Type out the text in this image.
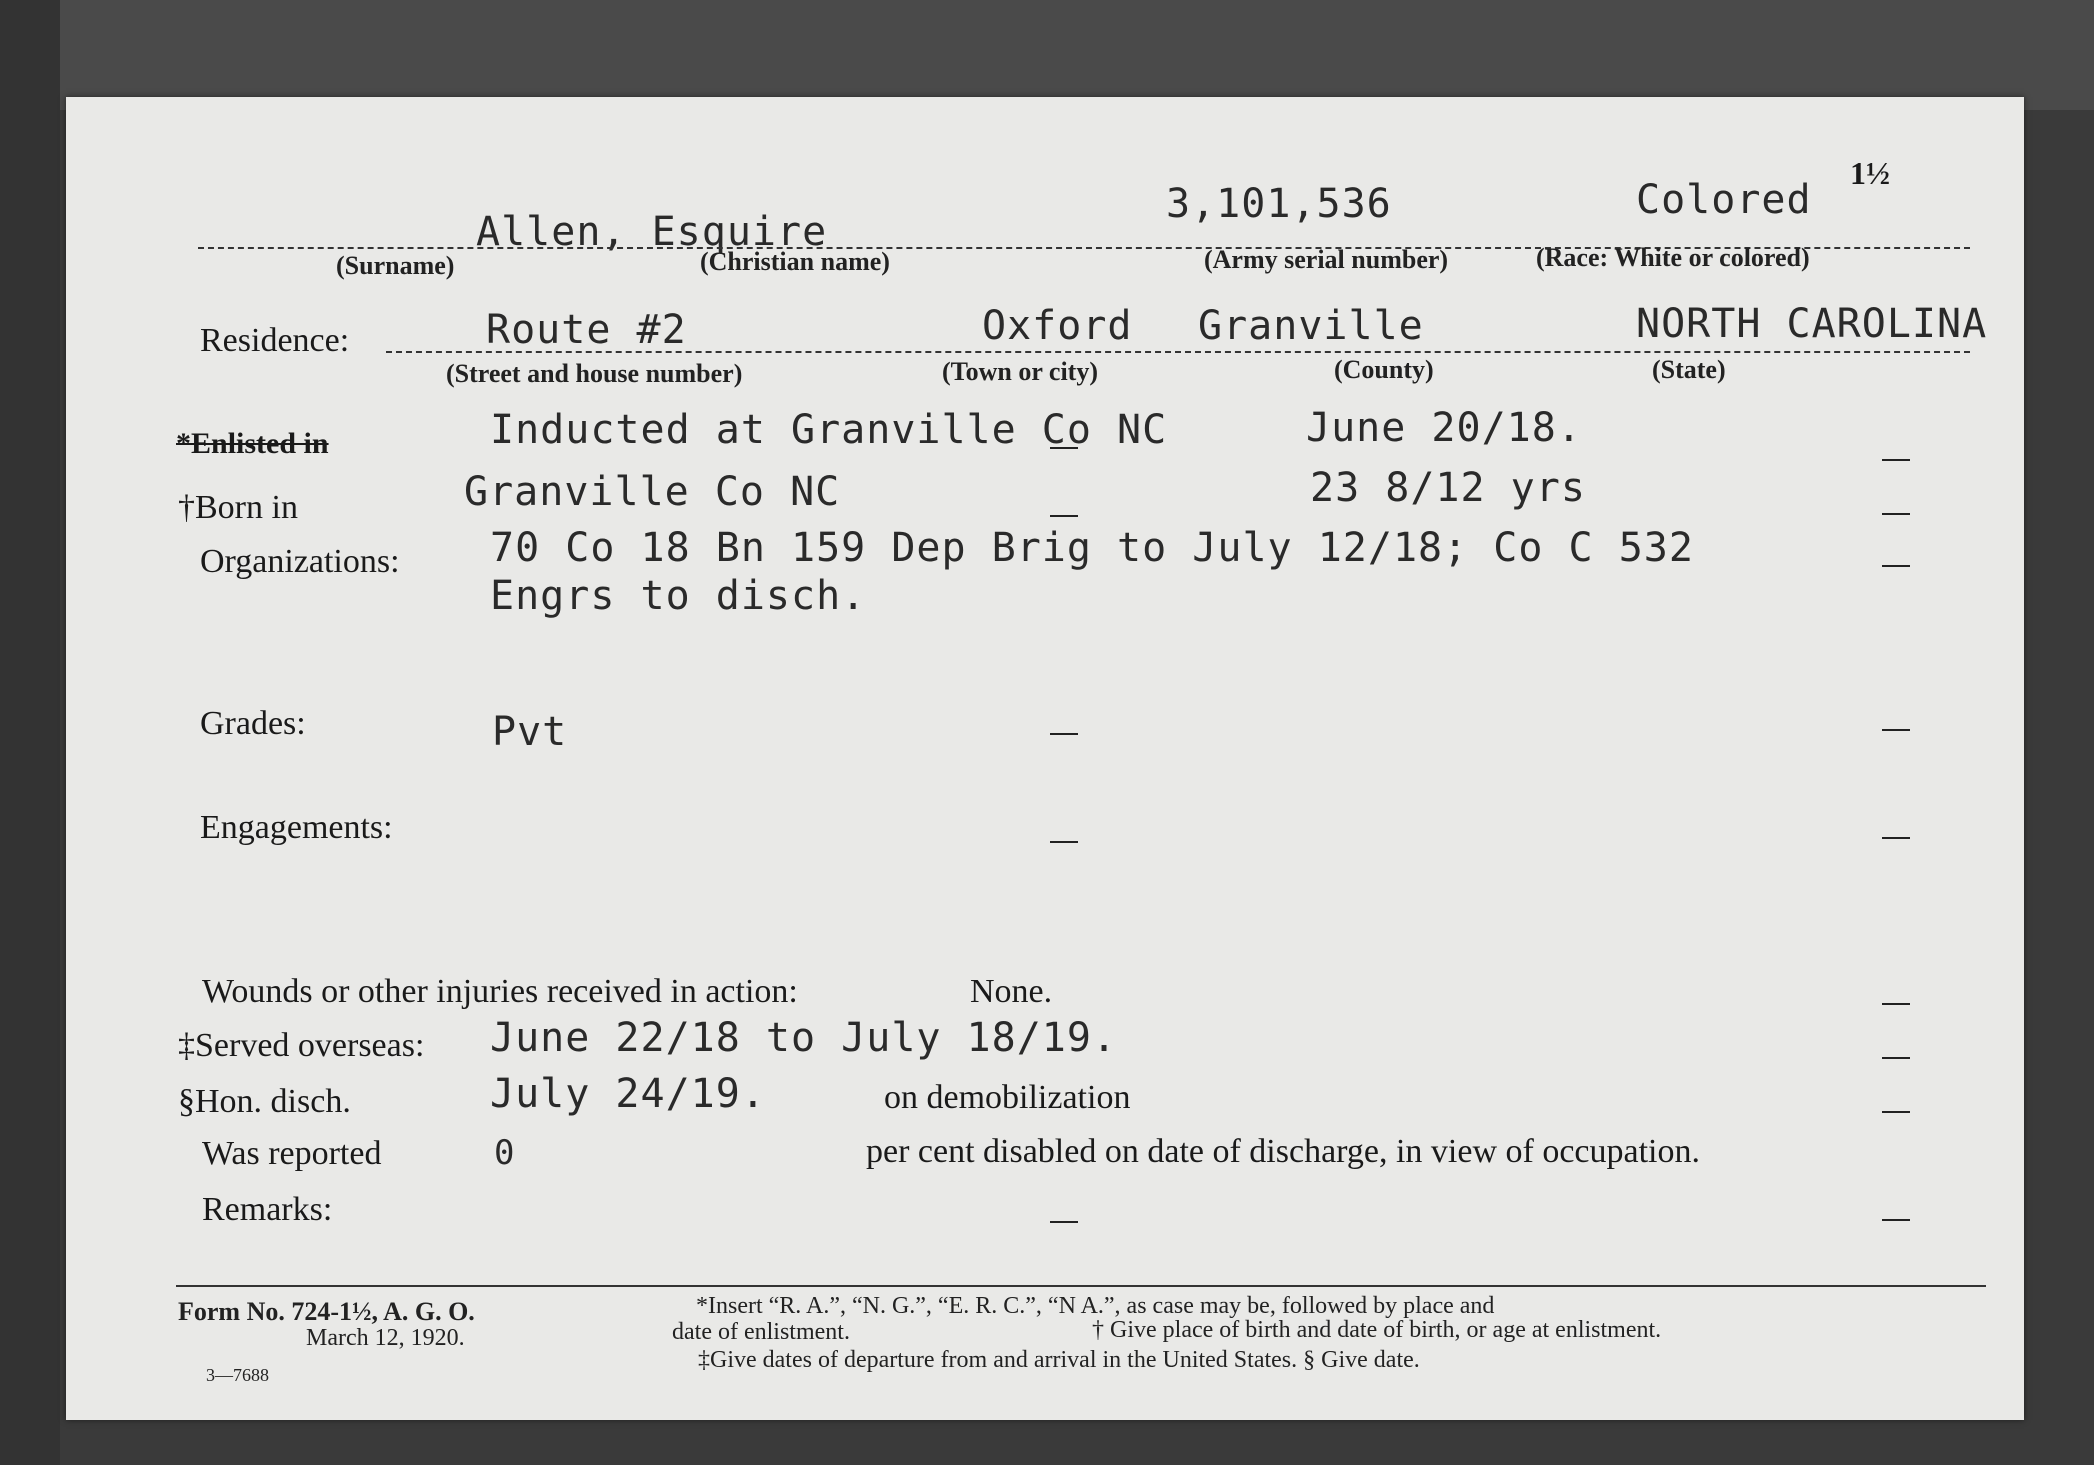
1½
Allen, Esquire
3,101,536	Colored
(Surname)	(Christian name)	(Army serial number)	(Race: White or colored)
Residence:	Route #2	Oxford Granville	NORTH CAROLINA
(Street and house number)	(Town or city)	(County)	(State)
*Enlisted in	Inducted at Granville Co NC	June 20/18.
†Born in	Granville Co NC	23 8/12 yrs
Organizations: 70 Co 18 Bn 159 Dep Brig to July 12/18; Co C 532
Engrs to disch.
Grades:	Pvt
Engagements:
Wounds or other injuries received in action:	None.
‡Served overseas: June 22/18 to July 18/19.
§Hon. disch.	July 24/19.	on demobilization
Was reported	0	per cent disabled on date of discharge, in view of occupation.
Remarks:
Form No. 724-1½, A. G. O.
March 12, 1920.
3—7688
*Insert “R. A.”, “N. G.”, “E. R. C.”, “N A.”, as case may be, followed by place and
date of enlistment.	† Give place of birth and date of birth, or age at enlistment.
‡Give dates of departure from and arrival in the United States. § Give date.
